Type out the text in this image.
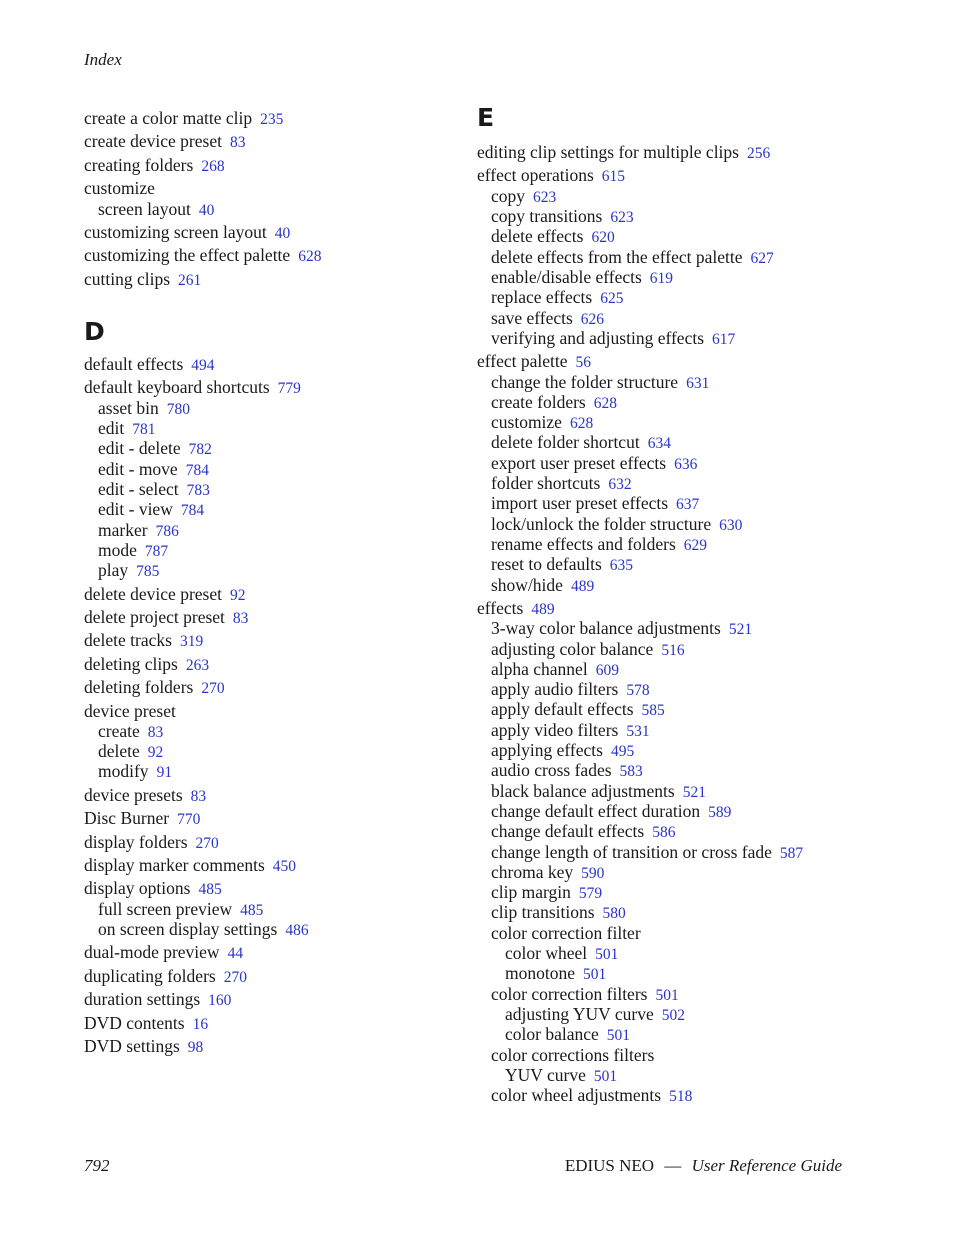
Index
create a color matte clip 235
create device preset 83
creating folders 268
customize
screen layout 40
customizing screen layout 40
customizing the effect palette 628
cutting clips 261
D
default effects 494
default keyboard shortcuts 779
asset bin 780
edit 781
edit - delete 782
edit - move 784
edit - select 783
edit - view 784
marker 786
mode 787
play 785
delete device preset 92
delete project preset 83
delete tracks 319
deleting clips 263
deleting folders 270
device preset
create 83
delete 92
modify 91
device presets 83
Disc Burner 770
display folders 270
display marker comments 450
display options 485
full screen preview 485
on screen display settings 486
dual-mode preview 44
duplicating folders 270
duration settings 160
DVD contents 16
DVD settings 98
E
editing clip settings for multiple clips 256
effect operations 615
copy 623
copy transitions 623
delete effects 620
delete effects from the effect palette 627
enable/disable effects 619
replace effects 625
save effects 626
verifying and adjusting effects 617
effect palette 56
change the folder structure 631
create folders 628
customize 628
delete folder shortcut 634
export user preset effects 636
folder shortcuts 632
import user preset effects 637
lock/unlock the folder structure 630
rename effects and folders 629
reset to defaults 635
show/hide 489
effects 489
3-way color balance adjustments 521
adjusting color balance 516
alpha channel 609
apply audio filters 578
apply default effects 585
apply video filters 531
applying effects 495
audio cross fades 583
black balance adjustments 521
change default effect duration 589
change default effects 586
change length of transition or cross fade 587
chroma key 590
clip margin 579
clip transitions 580
color correction filter
color wheel 501
monotone 501
color correction filters 501
adjusting YUV curve 502
color balance 501
color corrections filters
YUV curve 501
color wheel adjustments 518
792	EDIUS NEO — User Reference Guide
